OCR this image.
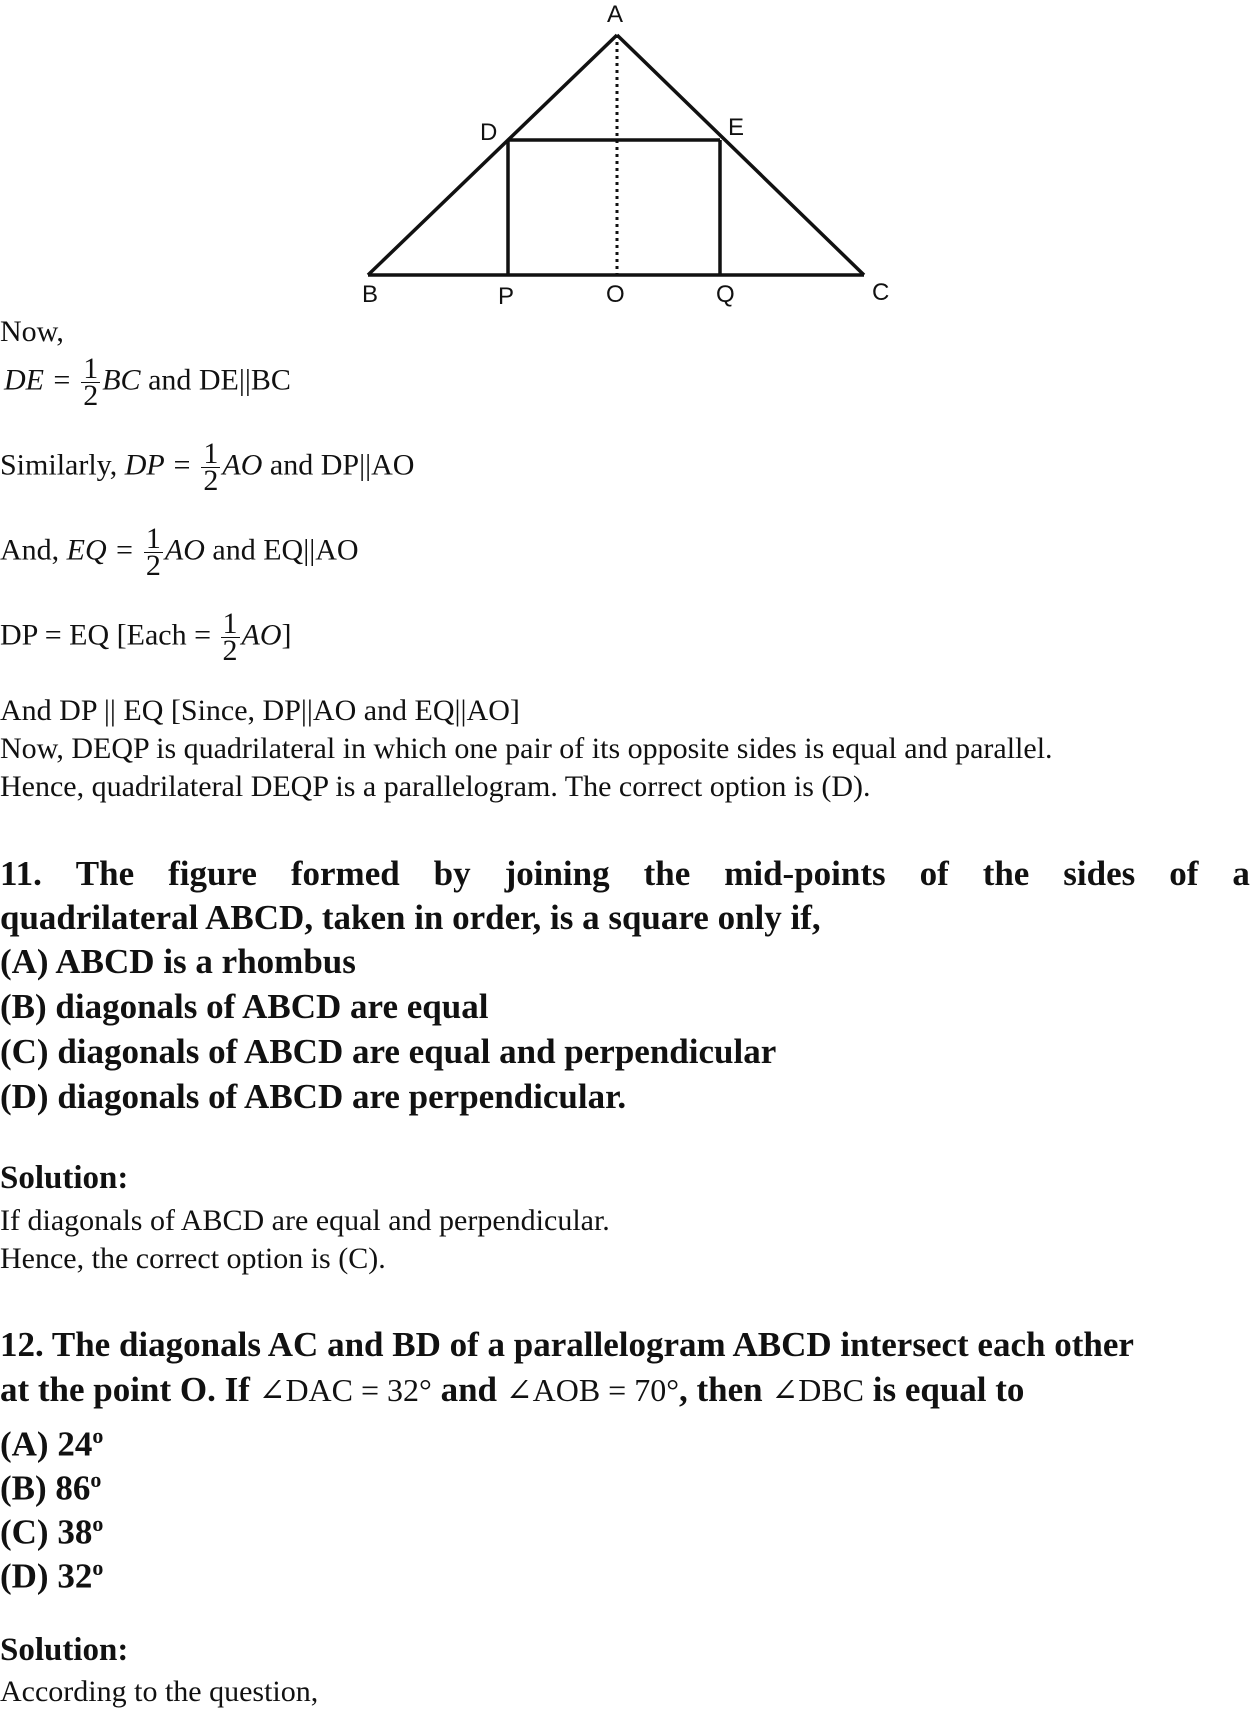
A
D	E
B	P	O	Q	C
Now,
DE = $\frac{1}{2}$ BC and DE||BC
Similarly, DP = $\frac{1}{2}$ AO and DP||AO
And, EQ = $\frac{1}{2}$ AO and EQ||AO
DP = EQ [Each = $\frac{1}{2} AO$]
And DP || EQ [Since, DP||AO and EQ||AO]
Now, DEQP is quadrilateral in which one pair of its opposite sides is equal and parallel.
Hence, quadrilateral DEQP is a parallelogram. The correct option is (D).
11. The figure formed by joining the mid-points of the sides of a
quadrilateral ABCD, taken in order, is a square only if,
(A) ABCD is a rhombus
(B) diagonals of ABCD are equal
(C) diagonals of ABCD are equal and perpendicular
(D) diagonals of ABCD are perpendicular.
Solution:
If diagonals of ABCD are equal and perpendicular.
Hence, the correct option is (C).
12. The diagonals AC and BD of a parallelogram ABCD intersect each other
at the point O. If ∠DAC = 32° and ∠AOB = 70°, then ∠DBC is equal to
(A) 24$^o$
(B) 86$^o$
(C) 38$^o$
(D) 32$^o$
Solution:
According to the question,
